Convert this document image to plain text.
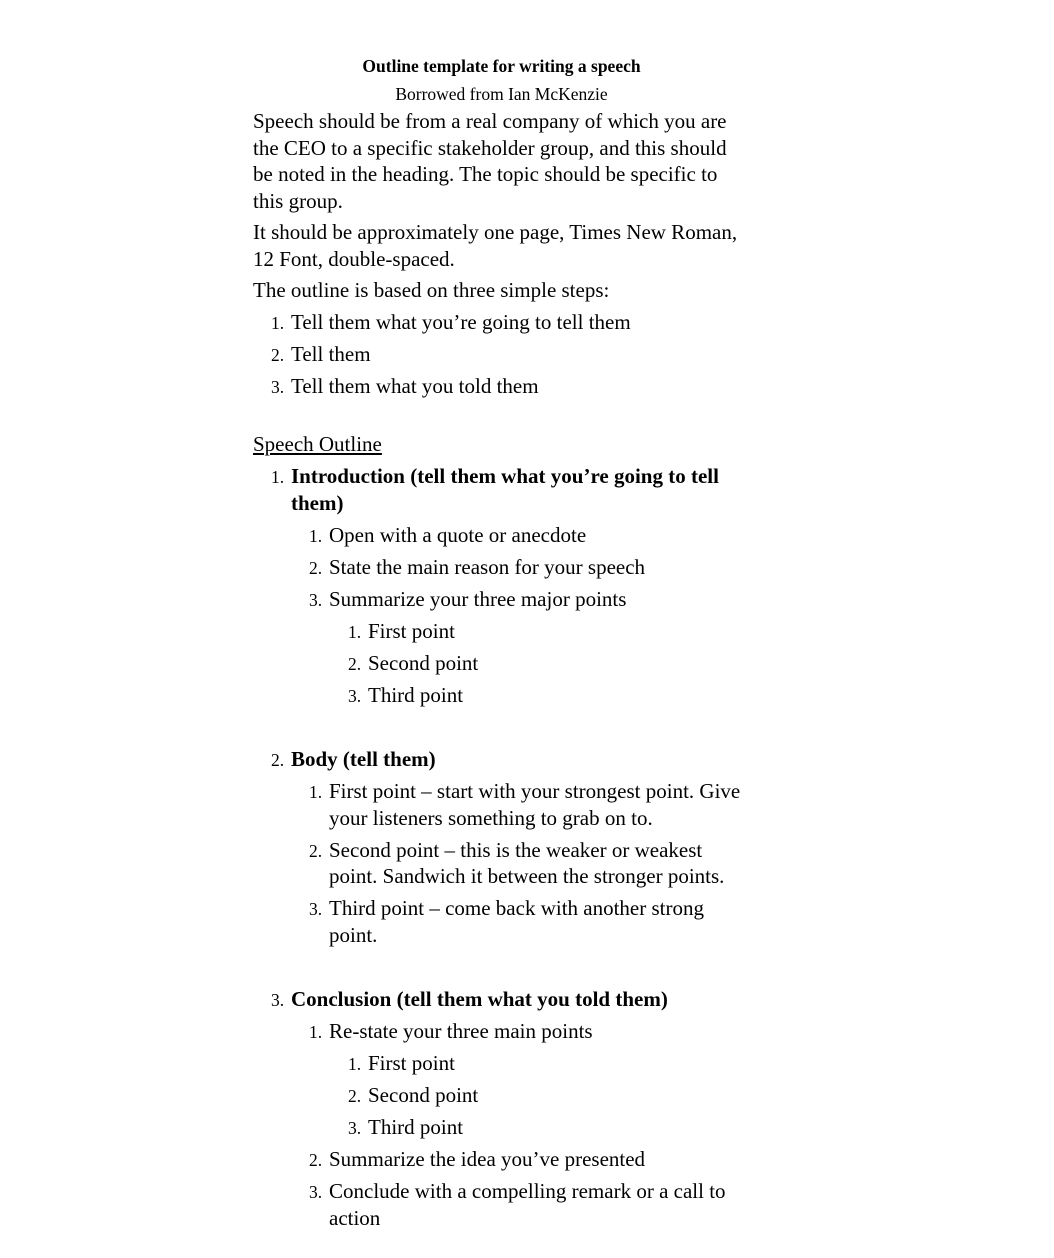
Outline template for writing a speech
Borrowed from Ian McKenzie

Speech should be from a real company of which you are the CEO to a specific stakeholder group, and this should be noted in the heading. The topic should be specific to this group.

It should be approximately one page, Times New Roman, 12 Font, double-spaced.

The outline is based on three simple steps:

1. Tell them what you’re going to tell them
2. Tell them
3. Tell them what you told them
Speech Outline
1. Introduction (tell them what you’re going to tell them)
1. Open with a quote or anecdote
2. State the main reason for your speech
3. Summarize your three major points
1. First point
2. Second point
3. Third point
2. Body (tell them)
1. First point – start with your strongest point. Give your listeners something to grab on to.
2. Second point – this is the weaker or weakest point. Sandwich it between the stronger points.
3. Third point – come back with another strong point.
3. Conclusion (tell them what you told them)
1. Re-state your three main points
1. First point
2. Second point
3. Third point
2. Summarize the idea you’ve presented
3. Conclude with a compelling remark or a call to action
